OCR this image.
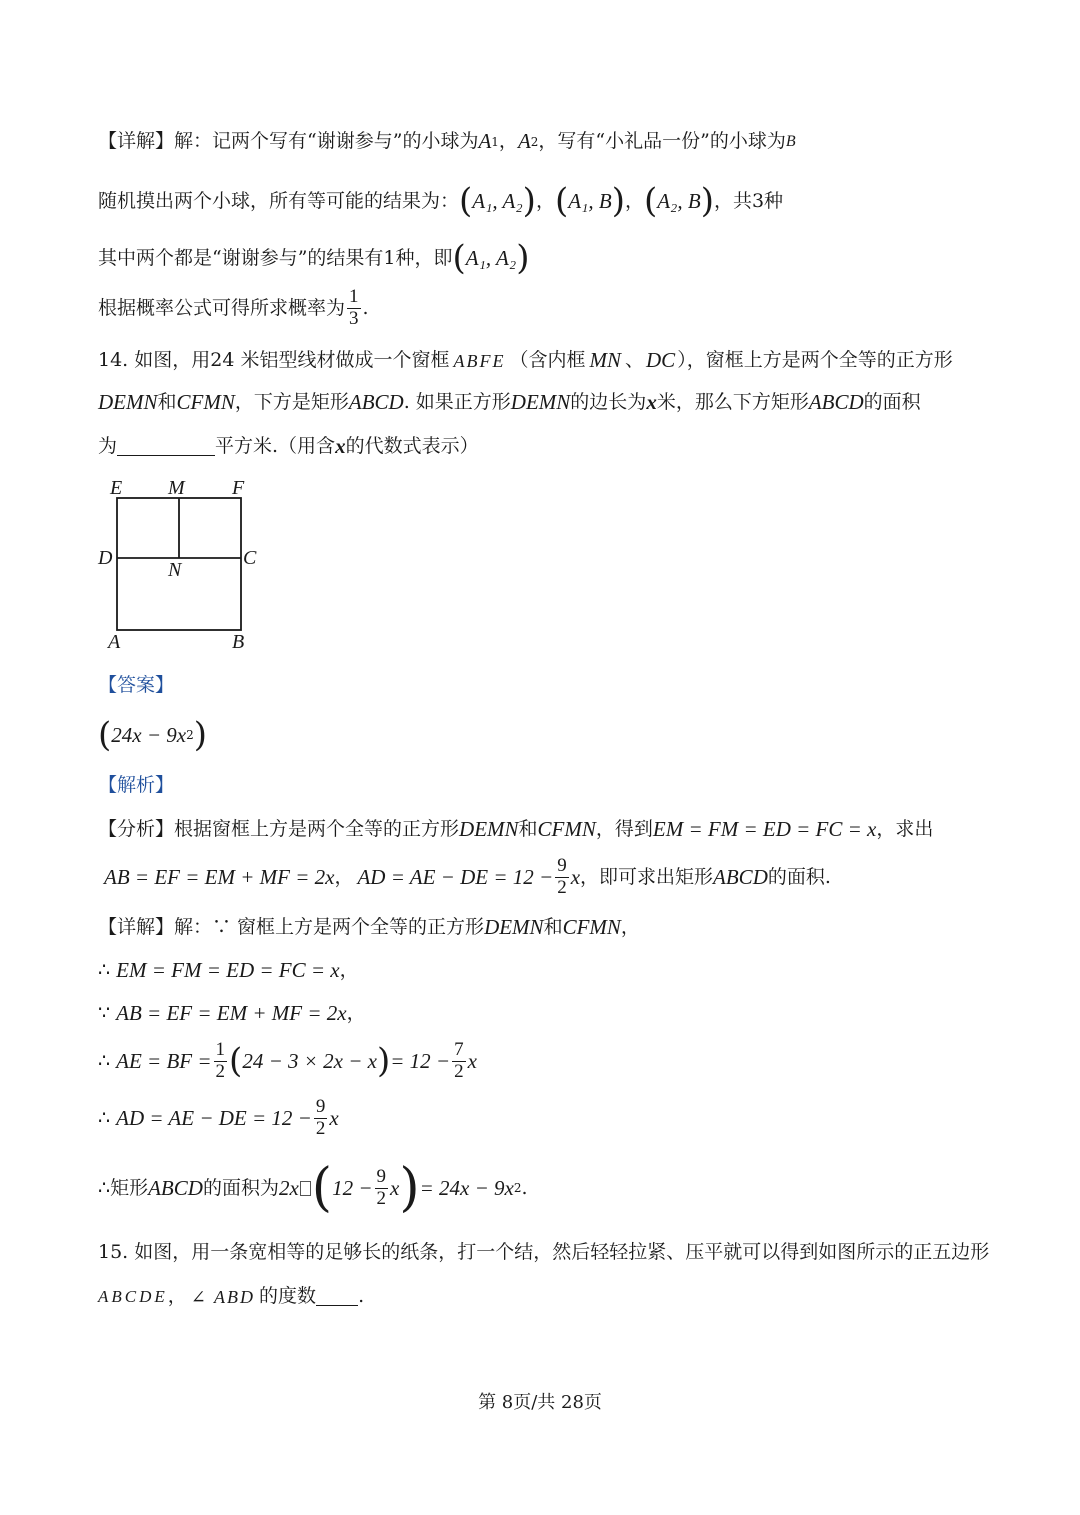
【详解】 解：记两个写有“谢谢参与”的小球为 A 1 ， A 2 ，写有“小礼品一份”的小球为 B
随机摸出两个小球，所有等可能的结果为： ( A₁, A₂ ) ， ( A₁, B ) ， ( A₂, B ) ，共3种
其中两个都是“谢谢参与”的结果有1种，即 ( A₁, A₂ )
根据概率公式可得所求概率为 $\frac{1}{3}$ .
14. 如图，用24 米铝型线材做成一个窗框 ABFE （含内框 MN 、 DC ），窗框上方是两个全等的正方形
DEMN 和 CFMN ，下方是矩形 ABCD . 如果正方形 DEMN 的边长为 x 米，那么下方矩形 ABCD 的面积
为	平方米.（用含 x 的代数式表示）
E M F
D
N
C
A	B
【答案】
( 24x − 9x 2 )
【解析】
【分析】 根据窗框上方是两个全等的正方形 DEMN 和 CFMN ，得到 EM = FM = ED = FC = x ，求出
AB = EF = EM + MF = 2x ， AD = AE − DE = $12 - \frac{9}{2}$ x ，即可求出矩形 ABCD 的面积.
【详解】 解：∵ 窗框上方是两个全等的正方形 DEMN 和 CFMN ，
∴
EM = FM = ED = FC = x ，
∵
AB = EF = EM + MF = 2x ，
∴
AE = BF = $\frac{1}{2}$ ( 24 − 3 × 2x − x ) = $12 - \frac{7}{2}$ x
∴
AD = AE − DE = $12 - \frac{9}{2}$ x
∴ 矩形 ABCD 的面积为 2x ( $12 - \frac{9}{2}$ x ) = 24x − 9x 2 .
15. 如图，用一条宽相等的足够长的纸条，打一个结，然后轻轻拉紧、压平就可以得到如图所示的正五边形
ABCDE ， ∠ ABD 的度数 .
第 8页/共 28页
